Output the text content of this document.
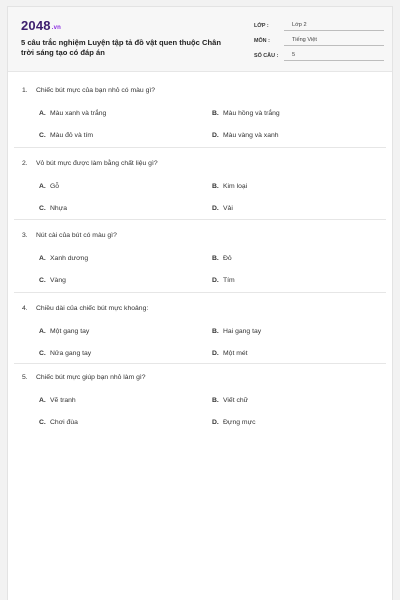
2048.vn
5 câu trắc nghiệm Luyện tập tả đồ vật quen thuộc Chân trời sáng tạo có đáp án
LỚP :	Lớp 2
MÔN :	Tiếng Việt
SỐ CÂU :	5
1. Chiếc bút mực của bạn nhỏ có màu gì?
A. Màu xanh và trắng	B. Màu hồng và trắng
C. Màu đỏ và tím	D. Màu vàng và xanh
2. Vỏ bút mực được làm bằng chất liệu gì?
A. Gỗ	B. Kim loại
C. Nhựa	D. Vải
3. Nút cài của bút có màu gì?
A. Xanh dương	B. Đỏ
C. Vàng	D. Tím
4. Chiều dài của chiếc bút mực khoảng:
A. Một gang tay	B. Hai gang tay
C. Nửa gang tay	D. Một mét
5. Chiếc bút mực giúp bạn nhỏ làm gì?
A. Vẽ tranh	B. Viết chữ
C. Chơi đùa	D. Đựng mực
